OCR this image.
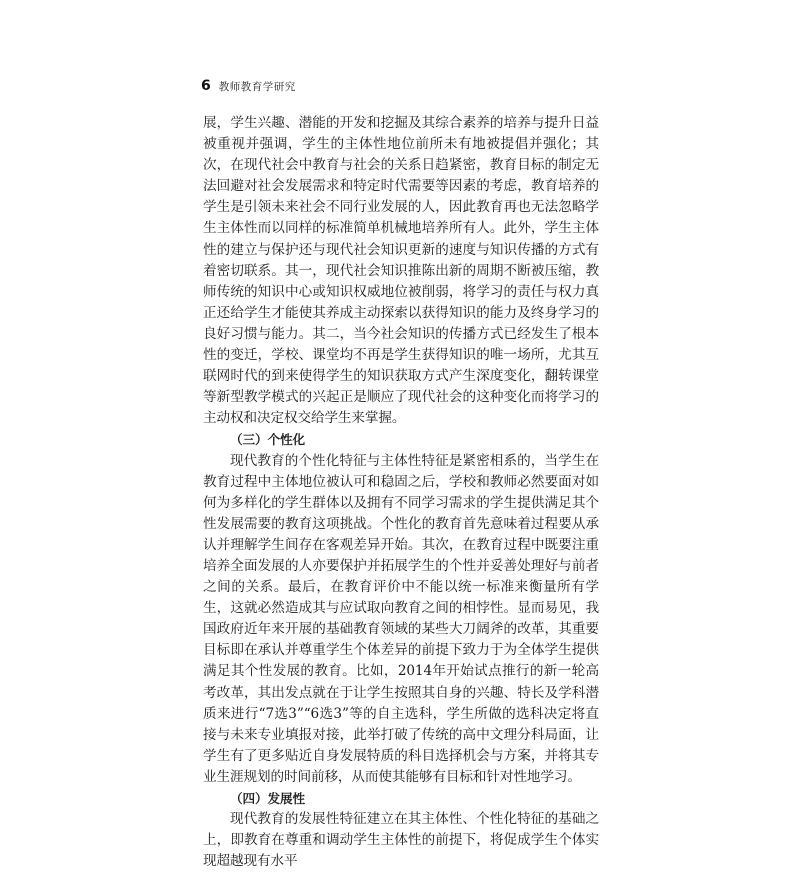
6 教师教育学研究

展，学生兴趣、潜能的开发和挖掘及其综合素养的培养与提升日益被重视并强调，学生的主体性地位前所未有地被提倡并强化；其次，在现代社会中教育与社会的关系日趋紧密，教育目标的制定无法回避对社会发展需求和特定时代需要等因素的考虑，教育培养的学生是引领未来社会不同行业发展的人，因此教育再也无法忽略学生主体性而以同样的标准简单机械地培养所有人。此外，学生主体性的建立与保护还与现代社会知识更新的速度与知识传播的方式有着密切联系。其一，现代社会知识推陈出新的周期不断被压缩，教师传统的知识中心或知识权威地位被削弱，将学习的责任与权力真正还给学生才能使其养成主动探索以获得知识的能力及终身学习的良好习惯与能力。其二，当今社会知识的传播方式已经发生了根本性的变迁，学校、课堂均不再是学生获得知识的唯一场所，尤其互联网时代的到来使得学生的知识获取方式产生深度变化，翻转课堂等新型教学模式的兴起正是顺应了现代社会的这种变化而将学习的主动权和决定权交给学生来掌握。

（三）个性化

现代教育的个性化特征与主体性特征是紧密相系的，当学生在教育过程中主体地位被认可和稳固之后，学校和教师必然要面对如何为多样化的学生群体以及拥有不同学习需求的学生提供满足其个性发展需要的教育这项挑战。个性化的教育首先意味着过程要从承认并理解学生间存在客观差异开始。其次，在教育过程中既要注重培养全面发展的人亦要保护并拓展学生的个性并妥善处理好与前者之间的关系。最后，在教育评价中不能以统一标准来衡量所有学生，这就必然造成其与应试取向教育之间的相悖性。显而易见，我国政府近年来开展的基础教育领域的某些大刀阔斧的改革，其重要目标即在承认并尊重学生个体差异的前提下致力于为全体学生提供满足其个性发展的教育。比如，2014年开始试点推行的新一轮高考改革，其出发点就在于让学生按照其自身的兴趣、特长及学科潜质来进行“7选3”“6选3”等的自主选科，学生所做的选科决定将直接与未来专业填报对接，此举打破了传统的高中文理分科局面，让学生有了更多贴近自身发展特质的科目选择机会与方案，并将其专业生涯规划的时间前移，从而使其能够有目标和针对性地学习。

（四）发展性

现代教育的发展性特征建立在其主体性、个性化特征的基础之上，即教育在尊重和调动学生主体性的前提下，将促成学生个体实现超越现有水平
